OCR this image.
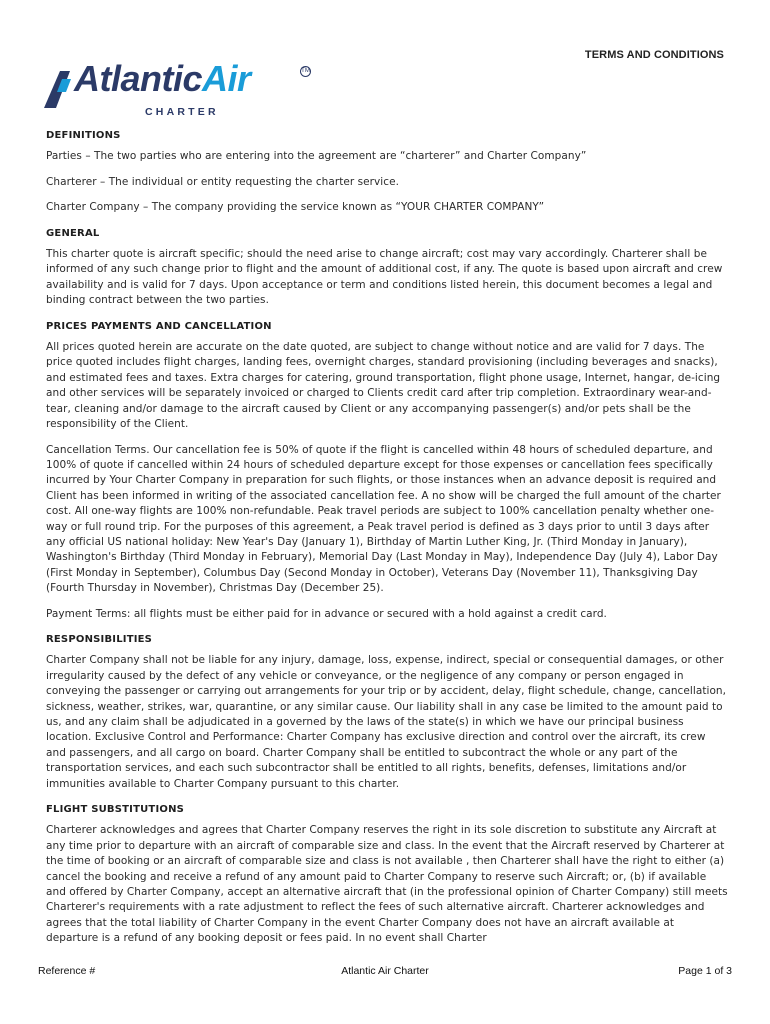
TERMS AND CONDITIONS
AtlanticAir	TM
CHARTER
DEFINITIONS

Parties – The two parties who are entering into the agreement are “charterer” and Charter Company”

Charterer – The individual or entity requesting the charter service.

Charter Company – The company providing the service known as “YOUR CHARTER COMPANY”

GENERAL

This charter quote is aircraft specific; should the need arise to change aircraft; cost may vary accordingly. Charterer shall be informed of any such change prior to flight and the amount of additional cost, if any. The quote is based upon aircraft and crew availability and is valid for 7 days. Upon acceptance or term and conditions listed herein, this document becomes a legal and binding contract between the two parties.

PRICES PAYMENTS AND CANCELLATION

All prices quoted herein are accurate on the date quoted, are subject to change without notice and are valid for 7 days. The price quoted includes flight charges, landing fees, overnight charges, standard provisioning (including beverages and snacks), and estimated fees and taxes. Extra charges for catering, ground transportation, flight phone usage, Internet, hangar, de-icing and other services will be separately invoiced or charged to Clients credit card after trip completion. Extraordinary wear-and-tear, cleaning and/or damage to the aircraft caused by Client or any accompanying passenger(s) and/or pets shall be the responsibility of the Client.

Cancellation Terms. Our cancellation fee is 50% of quote if the flight is cancelled within 48 hours of scheduled departure, and 100% of quote if cancelled within 24 hours of scheduled departure except for those expenses or cancellation fees specifically incurred by Your Charter Company in preparation for such flights, or those instances when an advance deposit is required and Client has been informed in writing of the associated cancellation fee. A no show will be charged the full amount of the charter cost. All one-way flights are 100% non-refundable. Peak travel periods are subject to 100% cancellation penalty whether one-way or full round trip. For the purposes of this agreement, a Peak travel period is defined as 3 days prior to until 3 days after any official US national holiday: New Year's Day (January 1), Birthday of Martin Luther King, Jr. (Third Monday in January), Washington's Birthday (Third Monday in February), Memorial Day (Last Monday in May), Independence Day (July 4), Labor Day (First Monday in September), Columbus Day (Second Monday in October), Veterans Day (November 11), Thanksgiving Day (Fourth Thursday in November), Christmas Day (December 25).

Payment Terms: all flights must be either paid for in advance or secured with a hold against a credit card.

RESPONSIBILITIES

Charter Company shall not be liable for any injury, damage, loss, expense, indirect, special or consequential damages, or other irregularity caused by the defect of any vehicle or conveyance, or the negligence of any company or person engaged in conveying the passenger or carrying out arrangements for your trip or by accident, delay, flight schedule, change, cancellation, sickness, weather, strikes, war, quarantine, or any similar cause. Our liability shall in any case be limited to the amount paid to us, and any claim shall be adjudicated in a governed by the laws of the state(s) in which we have our principal business location. Exclusive Control and Performance: Charter Company has exclusive direction and control over the aircraft, its crew and passengers, and all cargo on board. Charter Company shall be entitled to subcontract the whole or any part of the transportation services, and each such subcontractor shall be entitled to all rights, benefits, defenses, limitations and/or immunities available to Charter Company pursuant to this charter.

FLIGHT SUBSTITUTIONS

Charterer acknowledges and agrees that Charter Company reserves the right in its sole discretion to substitute any Aircraft at any time prior to departure with an aircraft of comparable size and class. In the event that the Aircraft reserved by Charterer at the time of booking or an aircraft of comparable size and class is not available , then Charterer shall have the right to either (a) cancel the booking and receive a refund of any amount paid to Charter Company to reserve such Aircraft; or, (b) if available and offered by Charter Company, accept an alternative aircraft that (in the professional opinion of Charter Company) still meets Charterer's requirements with a rate adjustment to reflect the fees of such alternative aircraft. Charterer acknowledges and agrees that the total liability of Charter Company in the event Charter Company does not have an aircraft available at departure is a refund of any booking deposit or fees paid. In no event shall Charter

Reference #	Atlantic Air Charter	Page 1 of 3
